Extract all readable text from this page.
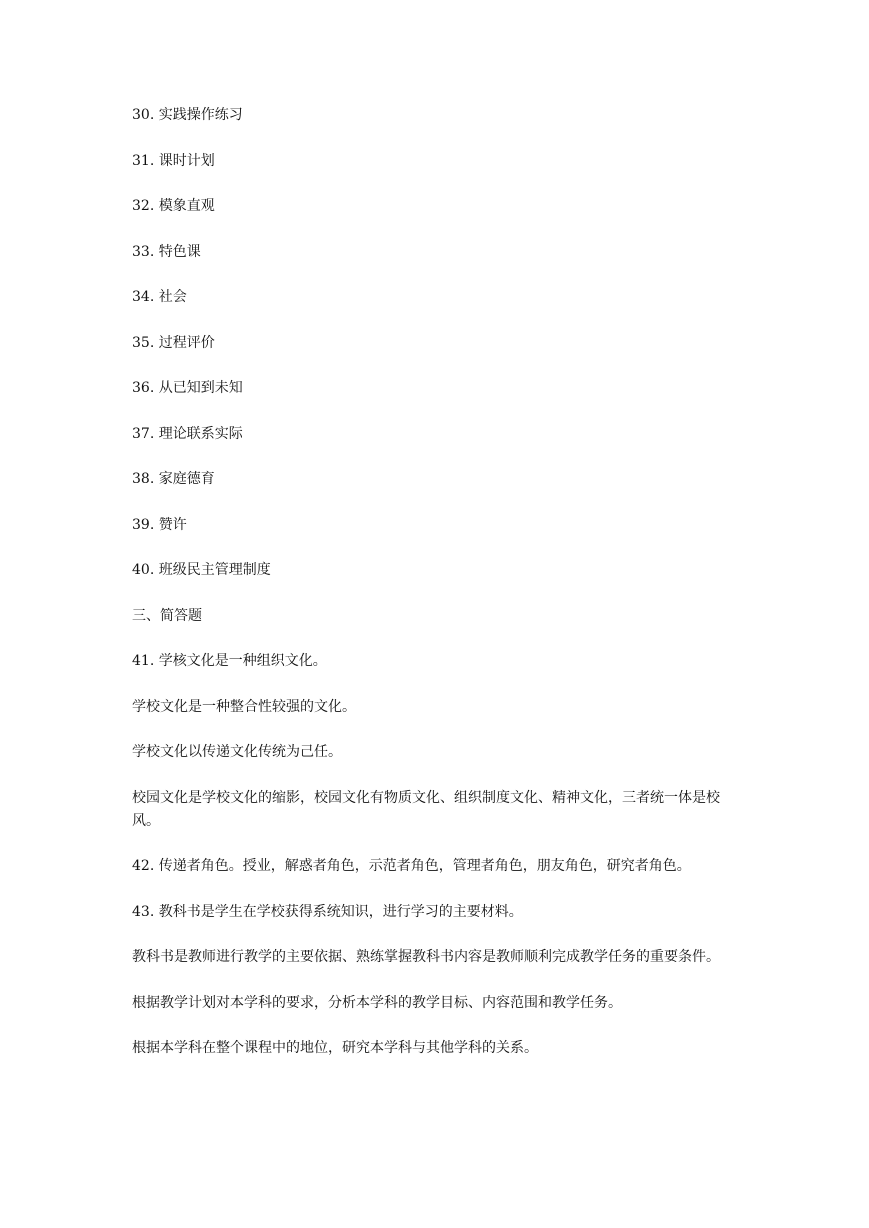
30. 实践操作练习

31. 课时计划

32. 模象直观

33. 特色课

34. 社会

35. 过程评价

36. 从已知到未知

37. 理论联系实际

38. 家庭德育

39. 赞许

40. 班级民主管理制度

三、简答题

41. 学核文化是一种组织文化。

学校文化是一种整合性较强的文化。

学校文化以传递文化传统为己任。

校园文化是学校文化的缩影，校园文化有物质文化、组织制度文化、精神文化，三者统一体是校风。

42. 传递者角色。授业，解惑者角色，示范者角色，管理者角色，朋友角色，研究者角色。

43. 教科书是学生在学校获得系统知识，进行学习的主要材料。

教科书是教师进行教学的主要依据、熟练掌握教科书内容是教师顺利完成教学任务的重要条件。

根据教学计划对本学科的要求，分析本学科的教学目标、内容范围和教学任务。

根据本学科在整个课程中的地位，研究本学科与其他学科的关系。
